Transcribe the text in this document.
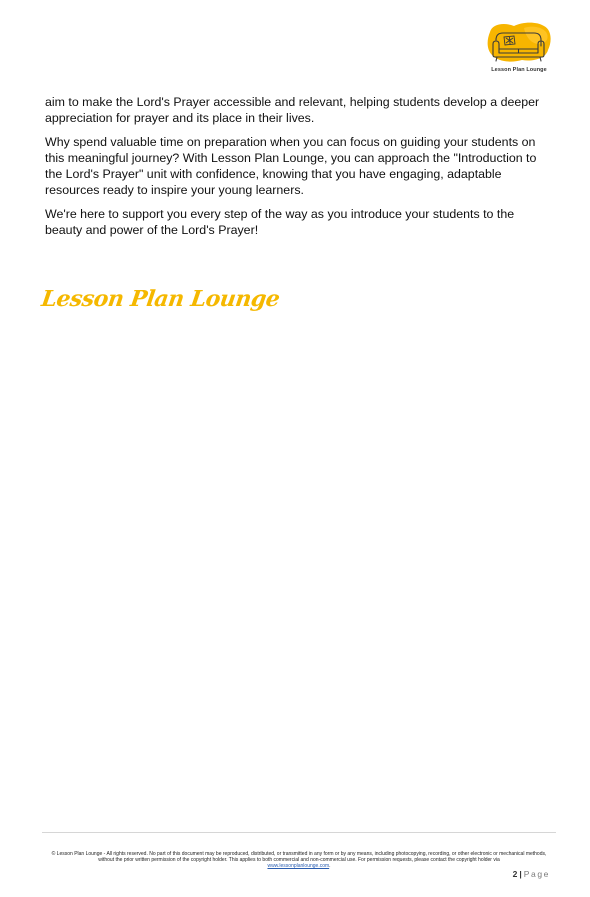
Lesson Plan Lounge

aim to make the Lord's Prayer accessible and relevant, helping students develop a deeper appreciation for prayer and its place in their lives.

Why spend valuable time on preparation when you can focus on guiding your students on this meaningful journey? With Lesson Plan Lounge, you can approach the "Introduction to the Lord's Prayer" unit with confidence, knowing that you have engaging, adaptable resources ready to inspire your young learners.

We're here to support you every step of the way as you introduce your students to the beauty and power of the Lord's Prayer!

Lesson Plan Lounge
© Lesson Plan Lounge - All rights reserved. No part of this document may be reproduced, distributed, or transmitted in any form or by any means, including photocopying, recording, or other electronic or mechanical methods, without the prior written permission of the copyright holder. This applies to both commercial and non-commercial use. For permission requests, please contact the copyright holder via
www.lessonplanlounge.com.
2 | Page
